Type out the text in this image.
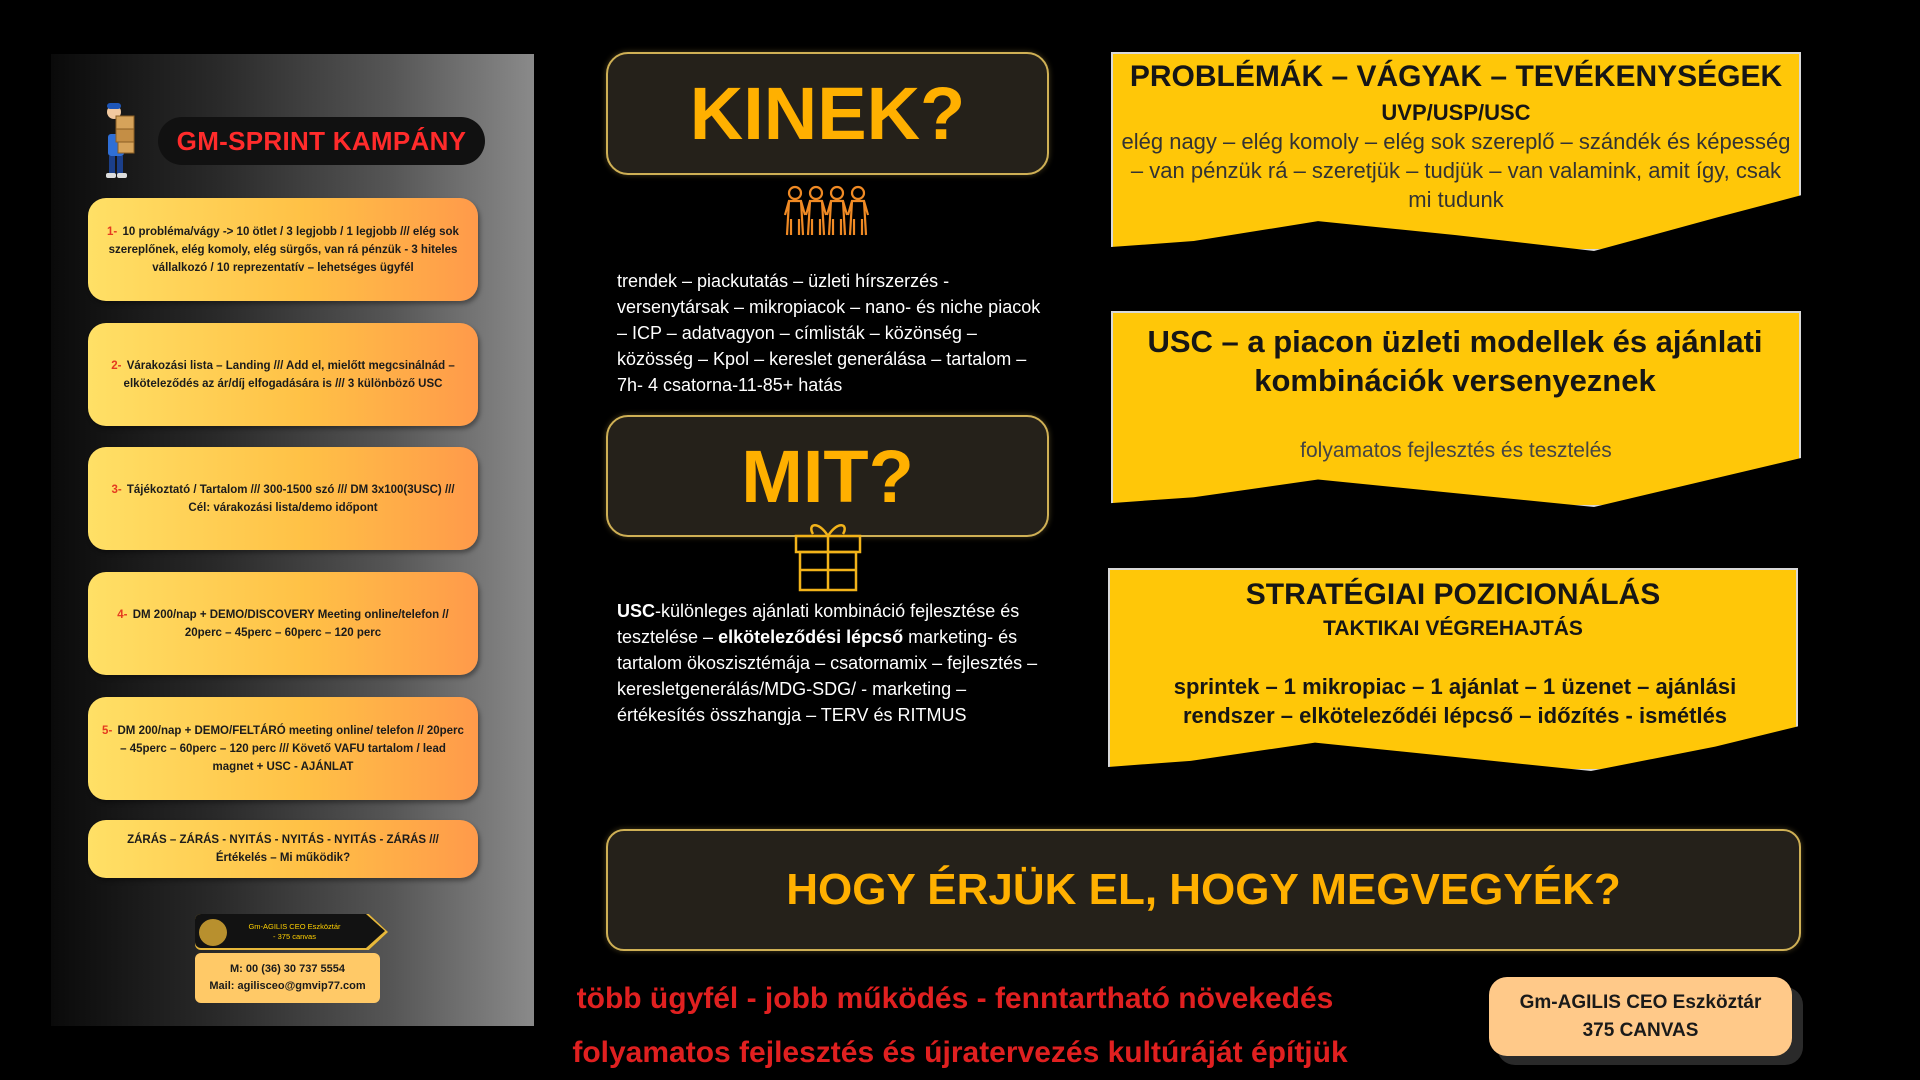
GM-SPRINT KAMPÁNY
1- 10 probléma/vágy -> 10 ötlet / 3 legjobb / 1 legjobb /// elég sok szereplőnek, elég komoly, elég sürgős, van rá pénzük - 3 hiteles vállalkozó / 10 reprezentatív – lehetséges ügyfél
2- Várakozási lista – Landing /// Add el, mielőtt megcsinálnád – elköteleződés az ár/díj elfogadására is /// 3 különböző USC
3- Tájékoztató / Tartalom /// 300-1500 szó /// DM 3x100(3USC) /// Cél: várakozási lista/demo időpont
4- DM 200/nap + DEMO/DISCOVERY Meeting online/telefon // 20perc – 45perc – 60perc – 120 perc
5- DM 200/nap + DEMO/FELTÁRÓ meeting online/ telefon // 20perc – 45perc – 60perc – 120 perc /// Követő VAFU tartalom / lead magnet + USC - AJÁNLAT
ZÁRÁS – ZÁRÁS - NYITÁS - NYITÁS - NYITÁS - ZÁRÁS /// Értékelés – Mi működik?
Gm-AGILIS CEO Eszköztár
- 375 canvas
M: 00 (36) 30 737 5554
Mail: agilisceo@gmvip77.com
KINEK?
trendek – piackutatás – üzleti hírszerzés - versenytársak – mikropiacok – nano- és niche piacok – ICP – adatvagyon – címlisták – közönség – közösség – Kpol – kereslet generálása – tartalom – 7h- 4 csatorna-11-85+ hatás
MIT?
USC-különleges ajánlati kombináció fejlesztése és tesztelése – elköteleződési lépcső marketing- és tartalom ökoszisztémája – csatornamix – fejlesztés – keresletgenerálás/MDG-SDG/ - marketing – értékesítés összhangja – TERV és RITMUS
PROBLÉMÁK – VÁGYAK – TEVÉKENYSÉGEK
UVP/USP/USC
elég nagy – elég komoly – elég sok szereplő – szándék és képesség – van pénzük rá – szeretjük – tudjük – van valamink, amit így, csak mi tudunk
USC – a piacon üzleti modellek és ajánlati kombinációk versenyeznek
folyamatos fejlesztés és tesztelés
STRATÉGIAI POZICIONÁLÁS
TAKTIKAI VÉGREHAJTÁS
sprintek – 1 mikropiac – 1 ajánlat – 1 üzenet – ajánlási rendszer – elköteleződéi lépcső – időzítés - ismétlés
HOGY ÉRJÜK EL, HOGY MEGVEGYÉK?
több ügyfél - jobb működés - fenntartható növekedés
folyamatos fejlesztés és újratervezés kultúráját építjük
Gm-AGILIS CEO Eszköztár
375 CANVAS
